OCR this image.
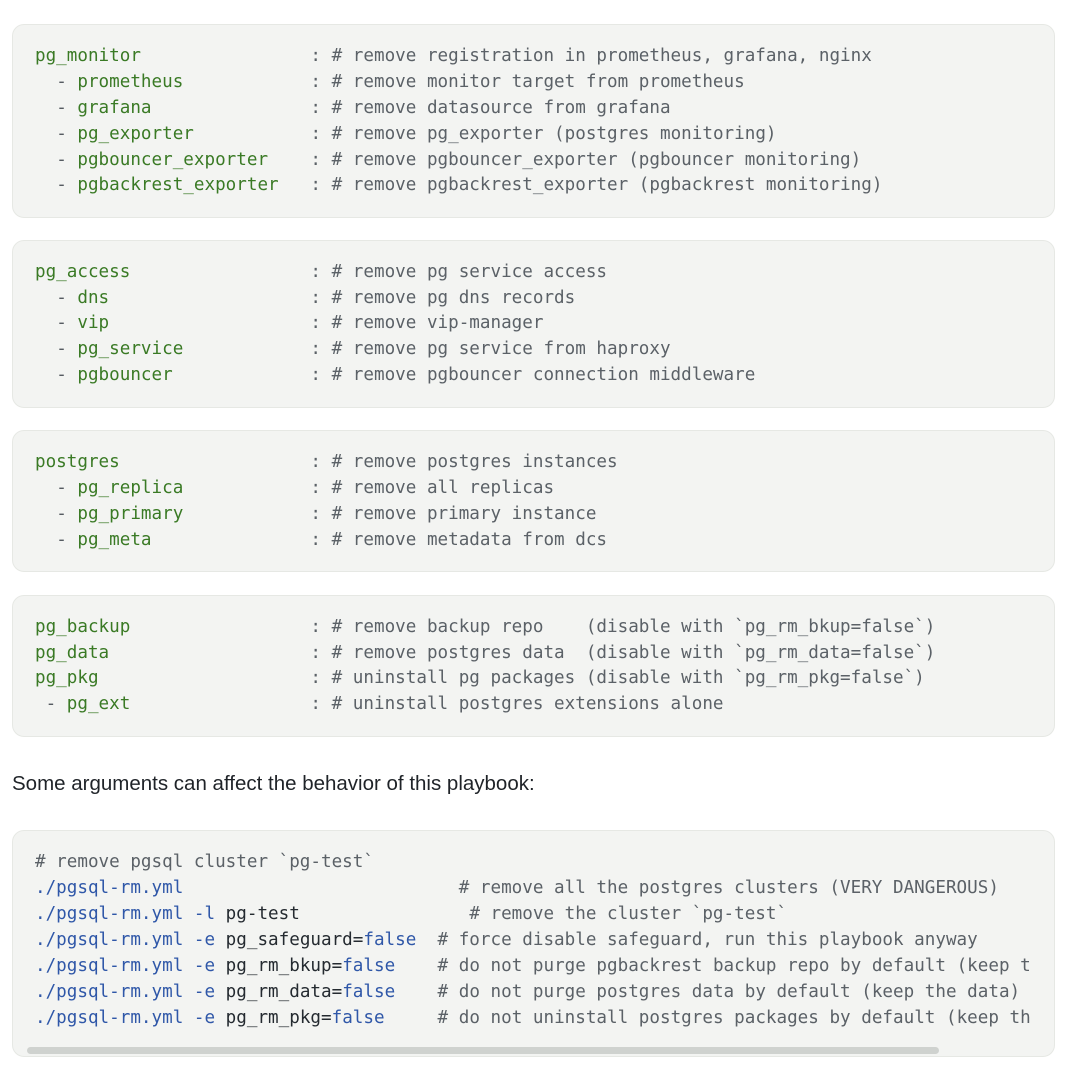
pg_monitor	: # remove registration in prometheus, grafana, nginx
- prometheus	: # remove monitor target from prometheus
- grafana	: # remove datasource from grafana
- pg_exporter	: # remove pg_exporter (postgres monitoring)
- pgbouncer_exporter : # remove pgbouncer_exporter (pgbouncer monitoring)
- pgbackrest_exporter : # remove pgbackrest_exporter (pgbackrest monitoring)
pg_access	: # remove pg service access
- dns	: # remove pg dns records
- vip	: # remove vip-manager
- pg_service	: # remove pg service from haproxy
- pgbouncer	: # remove pgbouncer connection middleware
postgres	: # remove postgres instances
- pg_replica	: # remove all replicas
- pg_primary	: # remove primary instance
- pg_meta	: # remove metadata from dcs
pg_backup	: # remove backup repo    (disable with `pg_rm_bkup=false`)
pg_data	: # remove postgres data  (disable with `pg_rm_data=false`)
pg_pkg	: # uninstall pg packages (disable with `pg_rm_pkg=false`)
- pg_ext	: # uninstall postgres extensions alone
Some arguments can affect the behavior of this playbook:
# remove pgsql cluster `pg-test`
./pgsql-rm.yml	# remove all the postgres clusters (VERY DANGEROUS)
./pgsql-rm.yml -l pg-test	# remove the cluster `pg-test`
./pgsql-rm.yml -e pg_safeguard=false # force disable safeguard, run this playbook anyway
./pgsql-rm.yml -e pg_rm_bkup=false # do not purge pgbackrest backup repo by default (keep t
./pgsql-rm.yml -e pg_rm_data=false # do not purge postgres data by default (keep the data)
./pgsql-rm.yml -e pg_rm_pkg=false	# do not uninstall postgres packages by default (keep th
